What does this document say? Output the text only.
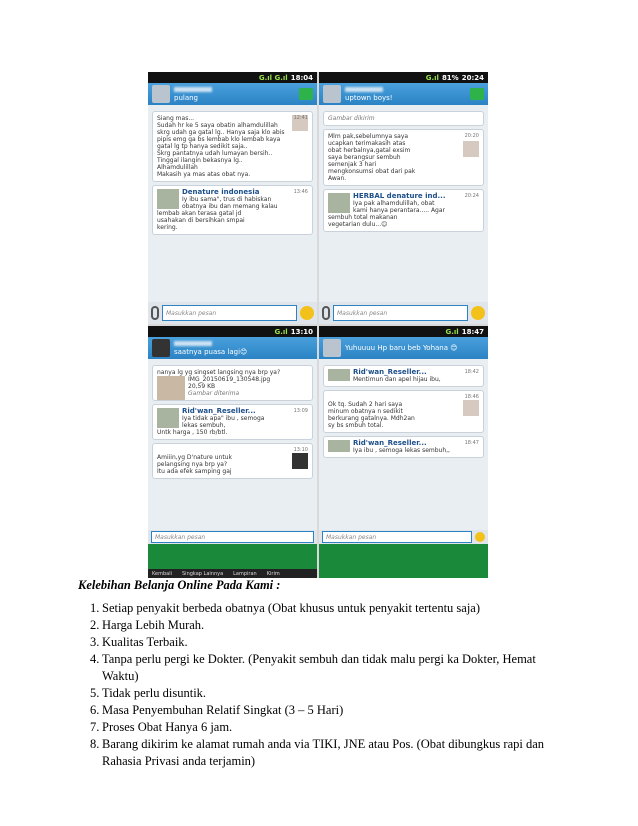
G.ıl G.ıl 18:04
pulang
12:41
Siang mas...
Sudah hr ke 5 saya obatin alhamdulillah
skrg udah ga gatal lg.. Hanya saja klo abis
pipis emg ga bs lembab klo lembab kaya
gatal lg tp hanya sedikit saja..
Skrg pantatnya udah lumayan bersih..
Tinggal ilangin bekasnya lg..
Alhamdulillah
Makasih ya mas atas obat nya.
13:46
Denature indonesia
Iy ibu sama", trus di habiskan
obatnya ibu dan memang kalau
lembab akan terasa gatal jd
usahakan di bersihkan smpai
kering.
Masukkan pesan
G.ıl 81% 20:24
uptown boys!
Gambar dikirim
20:20
Mlm pak,sebelumnya saya
ucapkan terimakasih atas
obat herbalnya,gatal exsim
saya berangsur sembuh
semenjak 3 hari
mengkonsumsi obat dari pak
Awan.
20:24
HERBAL denature ind...
Iya pak alhamdulillah, obat
kami hanya perantara..... Agar
sembuh total makanan
vegetarian dulu...😊
Masukkan pesan
G.ıl 13:10
saatnya puasa lagi😊
nanya lg yg singset langsing nya brp ya?
IMG_20150619_130548.jpg
20,59 KB
Gambar diterima
13:09
Rid'wan_Reseller...
Iya tidak apa" ibu , semoga
lekas sembuh,
Untk harga , 150 rb/btl.
13:10
Amiiin,yg D'nature untuk
pelangsing nya brp ya?
Itu ada efek samping gaj
Masukkan pesan
Kembali Singkap Lainnya Lampiran Kirim
G.ıl 18:47
Yuhuuuu Hp baru beb Yohana 😊
18:42
Rid'wan_Reseller...
Mentimun dan apel hijau ibu,
18:46
Ok tq. Sudah 2 hari saya
minum obatnya n sedikit
berkurang gatalnya. Mdh2an
sy bs smbuh total.
18:47
Rid'wan_Reseller...
Iya ibu , semoga lekas sembuh,,
Masukkan pesan
Kelebihan Belanja Online Pada Kami :
1. Setiap penyakit berbeda obatnya (Obat khusus untuk penyakit tertentu saja)
2. Harga Lebih Murah.
3. Kualitas Terbaik.
4. Tanpa perlu pergi ke Dokter. (Penyakit sembuh dan tidak malu pergi ka Dokter, Hemat
Waktu)
5. Tidak perlu disuntik.
6. Masa Penyembuhan Relatif Singkat (3 – 5 Hari)
7. Proses Obat Hanya 6 jam.
8. Barang dikirim ke alamat rumah anda via TIKI, JNE atau Pos. (Obat dibungkus rapi dan
Rahasia Privasi anda terjamin)
